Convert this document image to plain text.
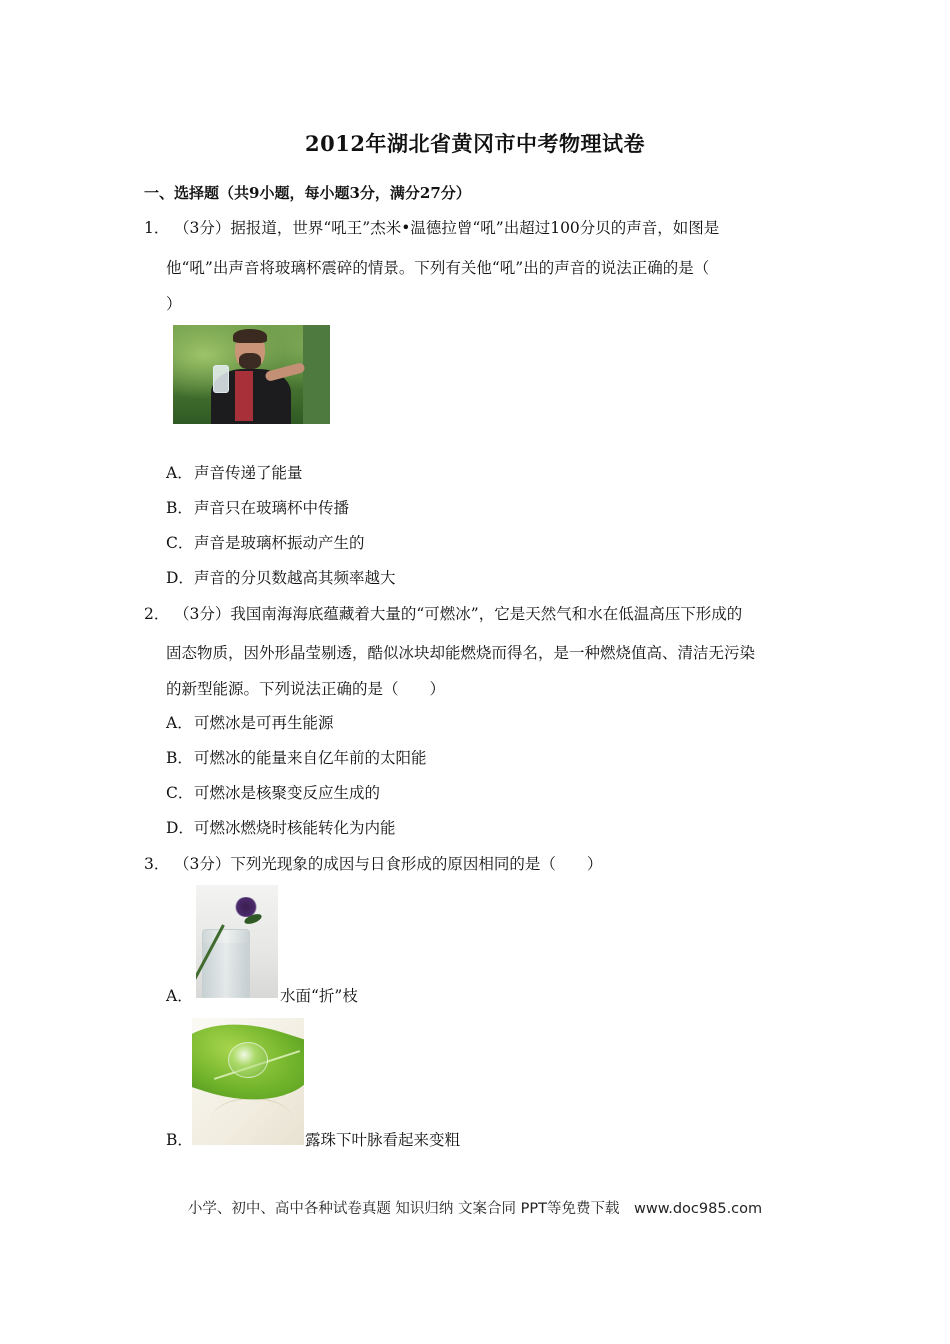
2012年湖北省黄冈市中考物理试卷
一、选择题（共9小题，每小题3分，满分27分）
1． （3分）据报道，世界“吼王”杰米•温德拉曾“吼”出超过100分贝的声音，如图是
他“吼”出声音将玻璃杯震碎的情景。下列有关他“吼”出的声音的说法正确的是（
）
A．声音传递了能量
B．声音只在玻璃杯中传播
C．声音是玻璃杯振动产生的
D．声音的分贝数越高其频率越大
2． （3分）我国南海海底蕴藏着大量的“可燃冰”，它是天然气和水在低温高压下形成的
固态物质，因外形晶莹剔透，酷似冰块却能燃烧而得名，是一种燃烧值高、清洁无污染
的新型能源。下列说法正确的是（　　）
A．可燃冰是可再生能源
B．可燃冰的能量来自亿年前的太阳能
C．可燃冰是核聚变反应生成的
D．可燃冰燃烧时核能转化为内能
3． （3分）下列光现象的成因与日食形成的原因相同的是（　　）
A．	水面“折”枝
B．	露珠下叶脉看起来变粗
小学、初中、高中各种试卷真题 知识归纳 文案合同 PPT等免费下载　www.doc985.com
